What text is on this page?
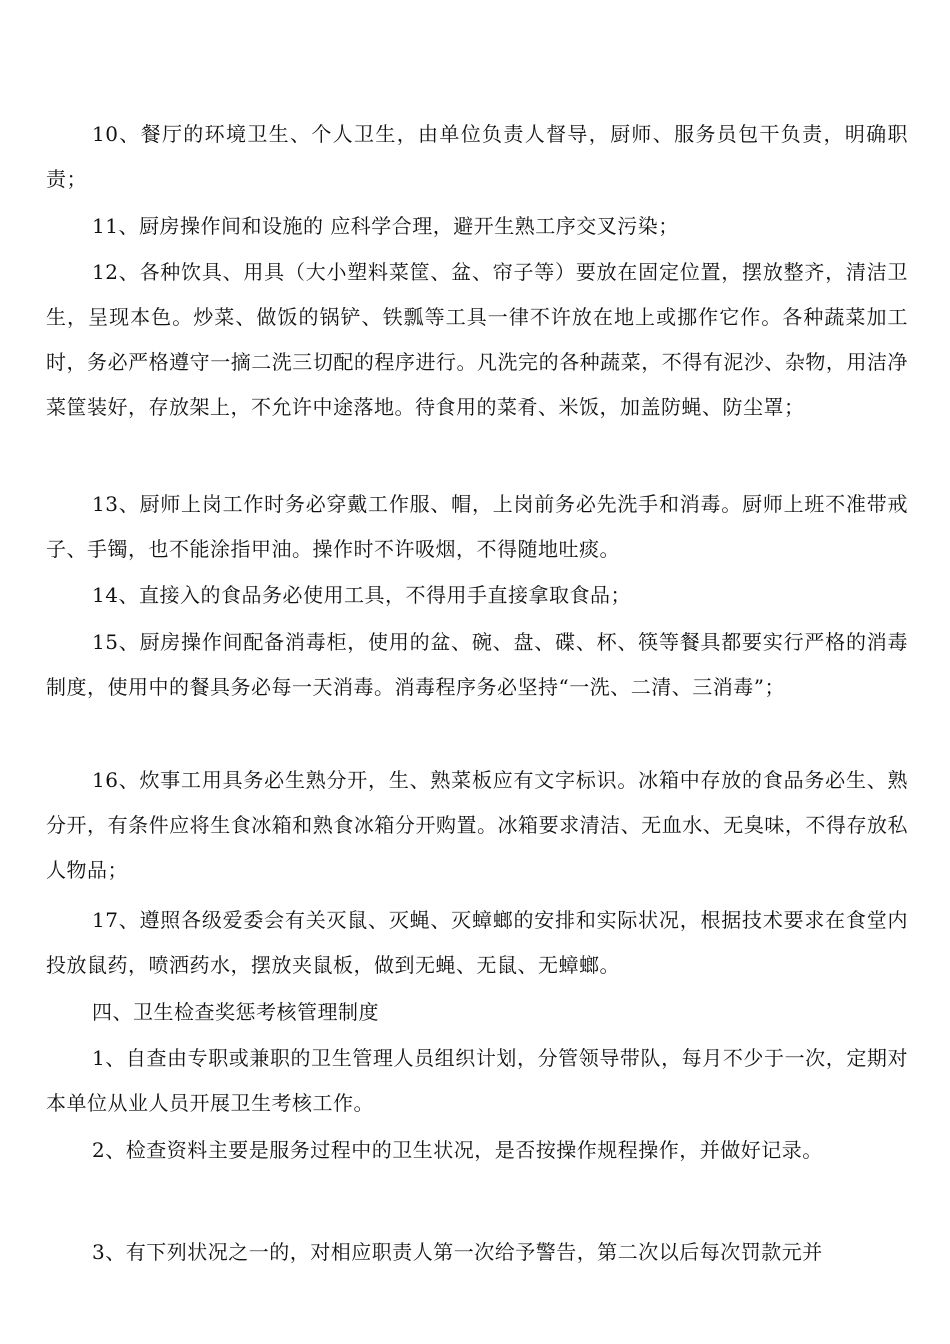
10、餐厅的环境卫生、个人卫生，由单位负责人督导，厨师、服务员包干负责，明确职责；

11、厨房操作间和设施的 应科学合理，避开生熟工序交叉污染；

12、各种饮具、用具（大小塑料菜筐、盆、帘子等）要放在固定位置，摆放整齐，清洁卫生，呈现本色。炒菜、做饭的锅铲、铁瓢等工具一律不许放在地上或挪作它作。各种蔬菜加工时，务必严格遵守一摘二洗三切配的程序进行。凡洗完的各种蔬菜，不得有泥沙、杂物，用洁净菜筐装好，存放架上，不允许中途落地。待食用的菜肴、米饭，加盖防蝇、防尘罩；

13、厨师上岗工作时务必穿戴工作服、帽，上岗前务必先洗手和消毒。厨师上班不准带戒子、手镯，也不能涂指甲油。操作时不许吸烟，不得随地吐痰。

14、直接入的食品务必使用工具，不得用手直接拿取食品；

15、厨房操作间配备消毒柜，使用的盆、碗、盘、碟、杯、筷等餐具都要实行严格的消毒制度，使用中的餐具务必每一天消毒。消毒程序务必坚持“一洗、二清、三消毒”；

16、炊事工用具务必生熟分开，生、熟菜板应有文字标识。冰箱中存放的食品务必生、熟分开，有条件应将生食冰箱和熟食冰箱分开购置。冰箱要求清洁、无血水、无臭味，不得存放私人物品；

17、遵照各级爱委会有关灭鼠、灭蝇、灭蟑螂的安排和实际状况，根据技术要求在食堂内投放鼠药，喷洒药水，摆放夹鼠板，做到无蝇、无鼠、无蟑螂。

四、卫生检查奖惩考核管理制度

1、自查由专职或兼职的卫生管理人员组织计划，分管领导带队，每月不少于一次，定期对本单位从业人员开展卫生考核工作。

2、检查资料主要是服务过程中的卫生状况，是否按操作规程操作，并做好记录。

3、有下列状况之一的，对相应职责人第一次给予警告，第二次以后每次罚款元并
